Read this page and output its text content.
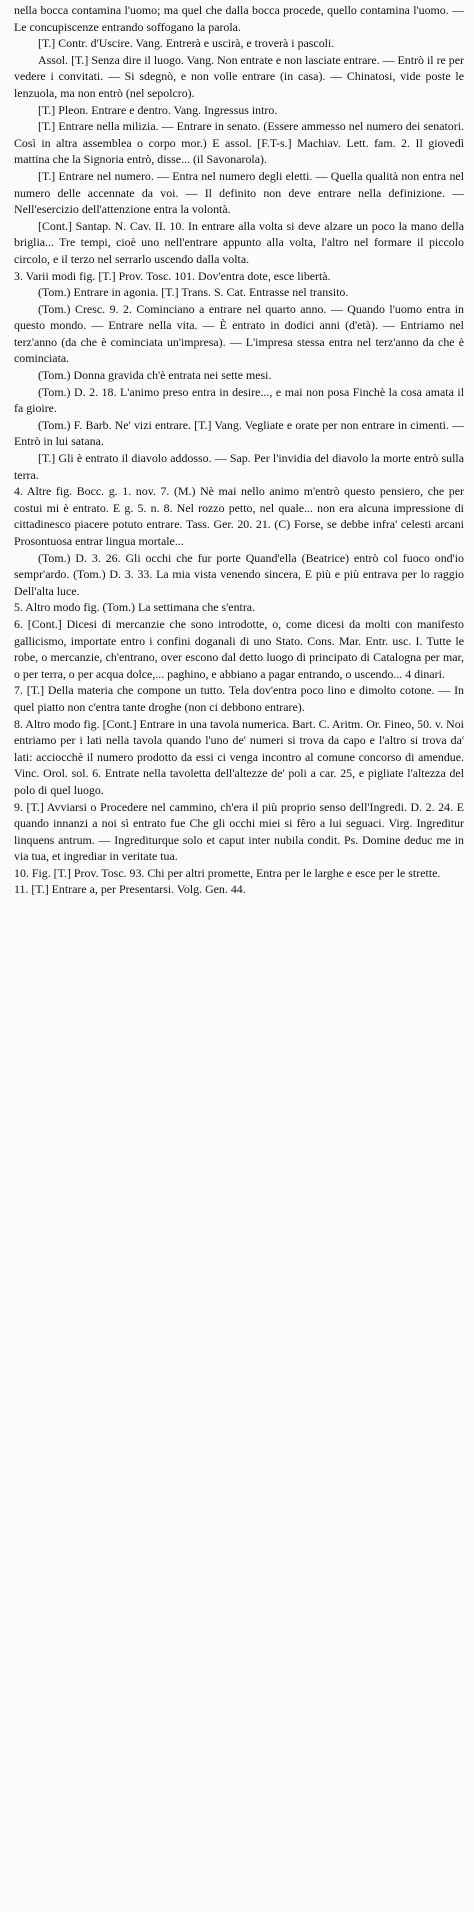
nella bocca contamina l'uomo; ma quel che dalla bocca procede, quello contamina l'uomo. — Le concupiscenze entrando soffogano la parola.

[T.] Contr. d'Uscire. Vang. Entrerà e uscirà, e troverà i pascoli.

Assol. [T.] Senza dire il luogo. Vang. Non entrate e non lasciate entrare. — Entrò il re per vedere i convitati. — Si sdegnò, e non volle entrare (in casa). — Chinatosi, vide poste le lenzuola, ma non entrò (nel sepolcro).

[T.] Pleon. Entrare e dentro. Vang. Ingressus intro.

[T.] Entrare nella milizia. — Entrare in senato. (Essere ammesso nel numero dei senatori. Così in altra assemblea o corpo mor.) E assol. [F.T-s.] Machiav. Lett. fam. 2. Il giovedì mattina che la Signoria entrò, disse... (il Savonarola).

[T.] Entrare nel numero. — Entra nel numero degli eletti. — Quella qualità non entra nel numero delle accennate da voi. — Il definito non deve entrare nella definizione. — Nell'esercizio dell'attenzione entra la volontà.

[Cont.] Santap. N. Cav. II. 10. In entrare alla volta si deve alzare un poco la mano della briglia... Tre tempi, cioè uno nell'entrare appunto alla volta, l'altro nel formare il piccolo circolo, e il terzo nel serrarlo uscendo dalla volta.

3. Varii modi fig. [T.] Prov. Tosc. 101. Dov'entra dote, esce libertà.

(Tom.) Entrare in agonia. [T.] Trans. S. Cat. Entrasse nel transito.

(Tom.) Cresc. 9. 2. Cominciano a entrare nel quarto anno. — Quando l'uomo entra in questo mondo. — Entrare nella vita. — È entrato in dodici anni (d'età). — Entriamo nel terz'anno (da che è cominciata un'impresa). — L'impresa stessa entra nel terz'anno da che è cominciata.

(Tom.) Donna gravida ch'è entrata nei sette mesi.

(Tom.) D. 2. 18. L'animo preso entra in desire..., e mai non posa Finchè la cosa amata il fa gioire.

(Tom.) F. Barb. Ne' vizi entrare. [T.] Vang. Vegliate e orate per non entrare in cimenti. — Entrò in lui satana.

[T.] Gli è entrato il diavolo addosso. — Sap. Per l'invidia del diavolo la morte entrò sulla terra.

4. Altre fig. Bocc. g. 1. nov. 7. (M.) Nè mai nello animo m'entrò questo pensiero, che per costui mi è entrato. E g. 5. n. 8. Nel rozzo petto, nel quale... non era alcuna impressione di cittadinesco piacere potuto entrare. Tass. Ger. 20. 21. (C) Forse, se debbe infra' celesti arcani Prosontuosa entrar lingua mortale...

(Tom.) D. 3. 26. Gli occhi che fur porte Quand'ella (Beatrice) entrò col fuoco ond'io sempr'ardo. (Tom.) D. 3. 33. La mia vista venendo sincera, E più e più entrava per lo raggio Dell'alta luce.

5. Altro modo fig. (Tom.) La settimana che s'entra.

6. [Cont.] Dicesi di mercanzie che sono introdotte, o, come dicesi da molti con manifesto gallicismo, importate entro i confini doganali di uno Stato. Cons. Mar. Entr. usc. I. Tutte le robe, o mercanzie, ch'entrano, over escono dal detto luogo di principato di Catalogna per mar, o per terra, o per acqua dolce,... paghino, e abbiano a pagar entrando, o uscendo... 4 dinari.

7. [T.] Della materia che compone un tutto. Tela dov'entra poco lino e dimolto cotone. — In quel piatto non c'entra tante droghe (non ci debbono entrare).

8. Altro modo fig. [Cont.] Entrare in una tavola numerica. Bart. C. Aritm. Or. Fineo, 50. v. Noi entriamo per i lati nella tavola quando l'uno de' numeri si trova da capo e l'altro si trova da' lati: acciocchè il numero prodotto da essi ci venga incontro al comune concorso di amendue. Vinc. Orol. sol. 6. Entrate nella tavoletta dell'altezze de' poli a car. 25, e pigliate l'altezza del polo di quel luogo.

9. [T.] Avviarsi o Procedere nel cammino, ch'era il più proprio senso dell'Ingredi. D. 2. 24. E quando innanzi a noi sì entrato fue Che gli occhi miei si fêro a lui seguaci. Virg. Ingreditur linquens antrum. — Ingrediturque solo et caput inter nubila condit. Ps. Domine deduc me in via tua, et ingrediar in veritate tua.

10. Fig. [T.] Prov. Tosc. 93. Chi per altri promette, Entra per le larghe e esce per le strette.

11. [T.] Entrare a, per Presentarsi. Volg. Gen. 44.
